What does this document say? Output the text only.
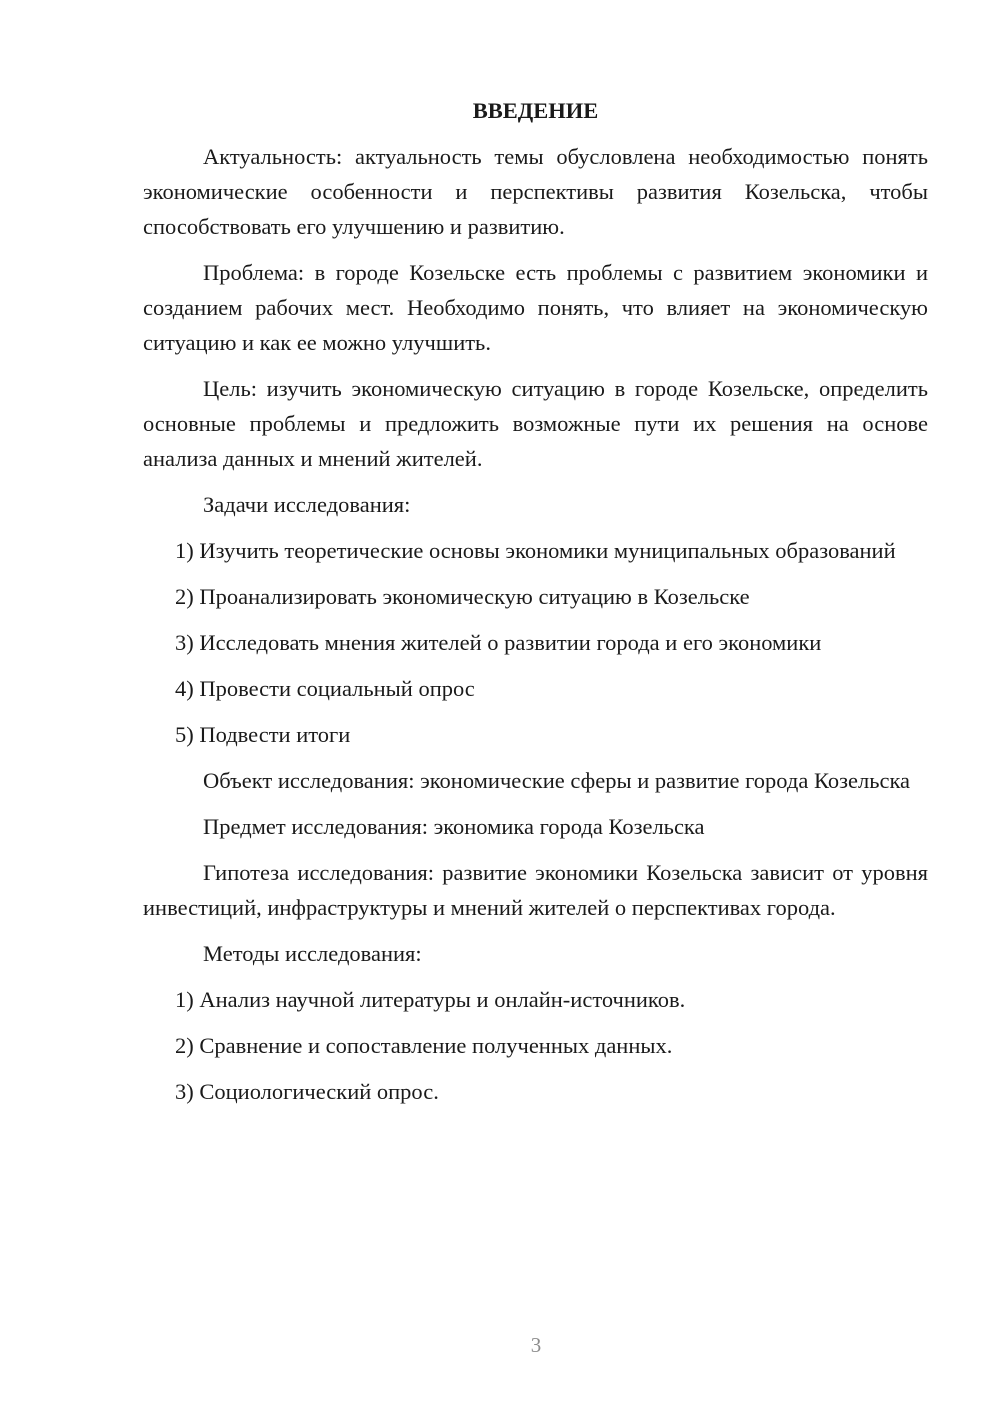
ВВЕДЕНИЕ

Актуальность: актуальность темы обусловлена необходимостью понять экономические особенности и перспективы развития Козельска, чтобы способствовать его улучшению и развитию.

Проблема: в городе Козельске есть проблемы с развитием экономики и созданием рабочих мест. Необходимо понять, что влияет на экономическую ситуацию и как ее можно улучшить.

Цель: изучить экономическую ситуацию в городе Козельске, определить основные проблемы и предложить возможные пути их решения на основе анализа данных и мнений жителей.

Задачи исследования:

1) Изучить теоретические основы экономики муниципальных образований

2) Проанализировать экономическую ситуацию в Козельске

3) Исследовать мнения жителей о развитии города и его экономики

4) Провести социальный опрос

5) Подвести итоги

Объект исследования: экономические сферы и развитие города Козельска

Предмет исследования: экономика города Козельска

Гипотеза исследования: развитие экономики Козельска зависит от уровня инвестиций, инфраструктуры и мнений жителей о перспективах города.

Методы исследования:

1) Анализ научной литературы и онлайн-источников.

2) Сравнение и сопоставление полученных данных.

3) Социологический опрос.

3
